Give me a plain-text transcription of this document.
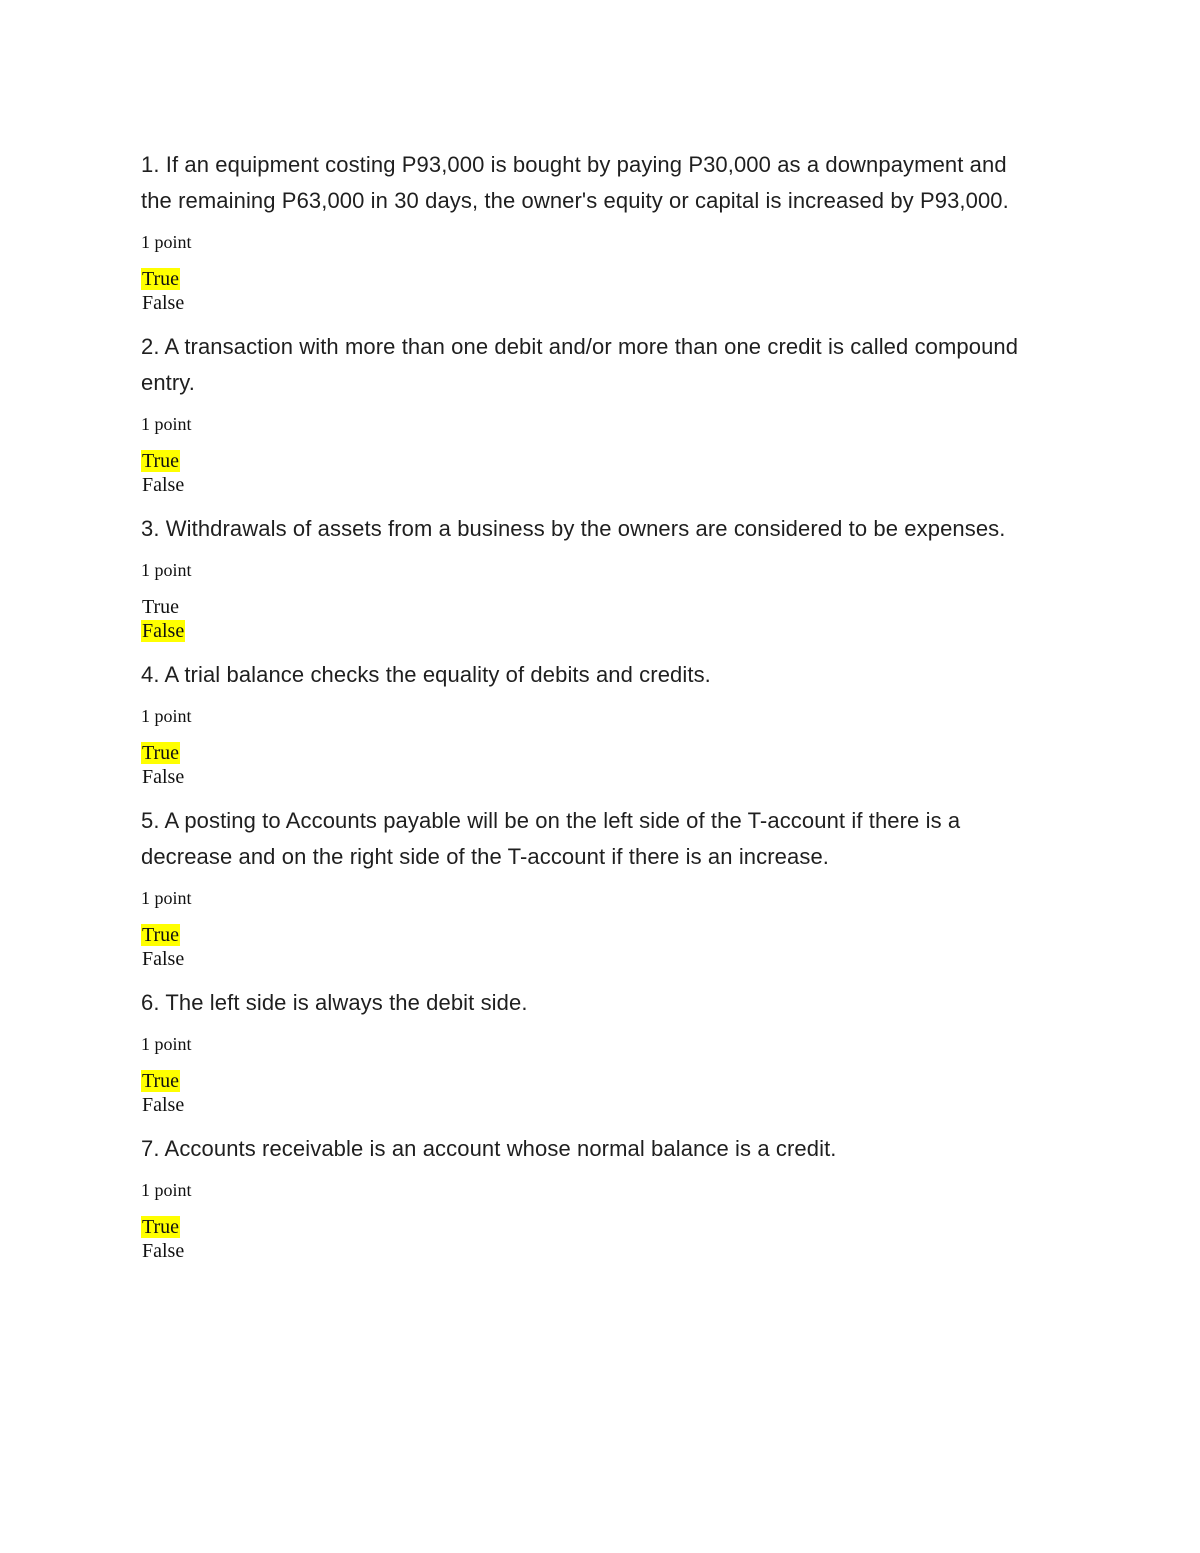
1. If an equipment costing P93,000 is bought by paying P30,000 as a downpayment and the remaining P63,000 in 30 days, the owner's equity or capital is increased by P93,000.

1 point
True
False

2. A transaction with more than one debit and/or more than one credit is called compound entry.

1 point
True
False

3. Withdrawals of assets from a business by the owners are considered to be expenses.

1 point
True
False

4. A trial balance checks the equality of debits and credits.

1 point
True
False

5. A posting to Accounts payable will be on the left side of the T-account if there is a decrease and on the right side of the T-account if there is an increase.

1 point
True
False

6. The left side is always the debit side.

1 point
True
False

7. Accounts receivable is an account whose normal balance is a credit.

1 point
True
False
